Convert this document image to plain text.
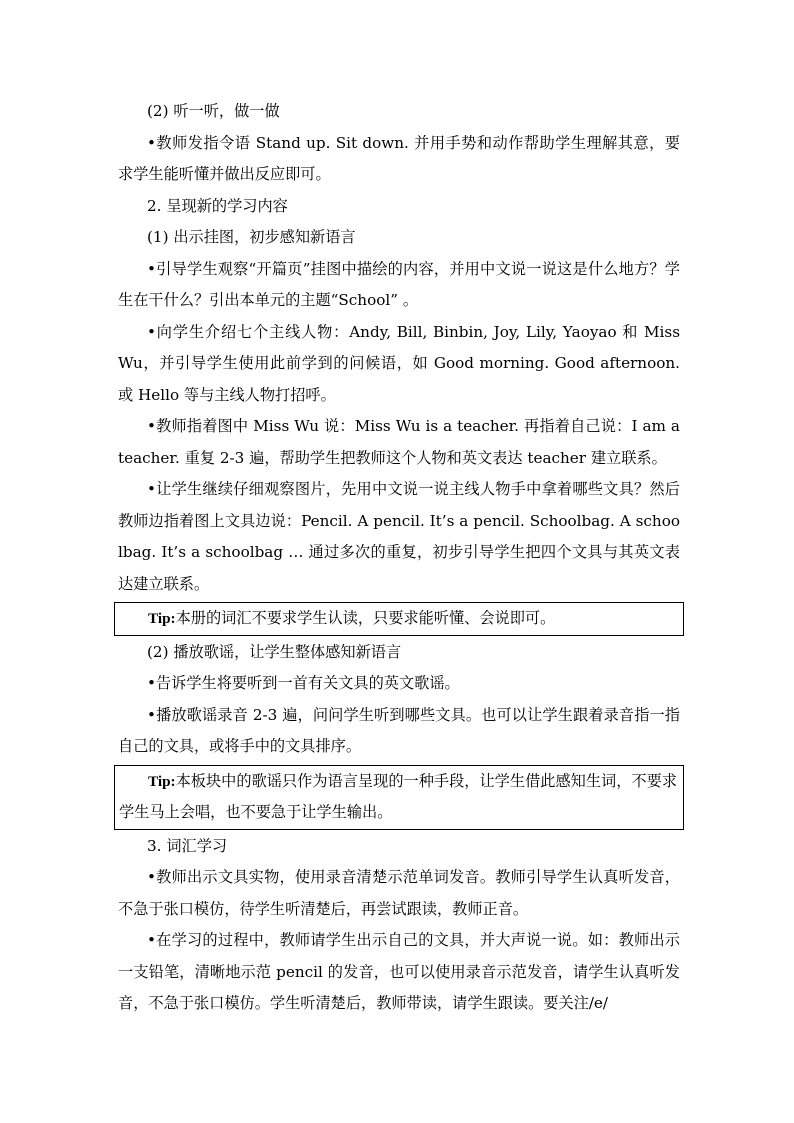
(2) 听一听，做一做

•教师发指令语 Stand up. Sit down. 并用手势和动作帮助学生理解其意，要求学生能听懂并做出反应即可。

2. 呈现新的学习内容

(1) 出示挂图，初步感知新语言

•引导学生观察“开篇页”挂图中描绘的内容，并用中文说一说这是什么地方？学生在干什么？引出本单元的主题“School” 。

•向学生介绍七个主线人物：Andy, Bill, Binbin, Joy, Lily, Yaoyao 和 Miss Wu，并引导学生使用此前学到的问候语，如 Good morning. Good afternoon. 或 Hello 等与主线人物打招呼。

•教师指着图中 Miss Wu 说：Miss Wu is a teacher. 再指着自己说：I am a teacher. 重复 2-3 遍，帮助学生把教师这个人物和英文表达 teacher 建立联系。

•让学生继续仔细观察图片，先用中文说一说主线人物手中拿着哪些文具？然后教师边指着图上文具边说：Pencil. A pencil. It’s a pencil. Schoolbag. A schoolbag. It’s a schoolbag … 通过多次的重复，初步引导学生把四个文具与其英文表达建立联系。

Tip:本册的词汇不要求学生认读，只要求能听懂、会说即可。

(2) 播放歌谣，让学生整体感知新语言

•告诉学生将要听到一首有关文具的英文歌谣。

•播放歌谣录音 2-3 遍，问问学生听到哪些文具。也可以让学生跟着录音指一指自己的文具，或将手中的文具排序。

Tip:本板块中的歌谣只作为语言呈现的一种手段，让学生借此感知生词，不要求学生马上会唱，也不要急于让学生输出。

3. 词汇学习

•教师出示文具实物，使用录音清楚示范单词发音。教师引导学生认真听发音，不急于张口模仿，待学生听清楚后，再尝试跟读，教师正音。

•在学习的过程中，教师请学生出示自己的文具，并大声说一说。如：教师出示一支铅笔，清晰地示范 pencil 的发音，也可以使用录音示范发音，请学生认真听发音，不急于张口模仿。学生听清楚后，教师带读，请学生跟读。要关注/e/
